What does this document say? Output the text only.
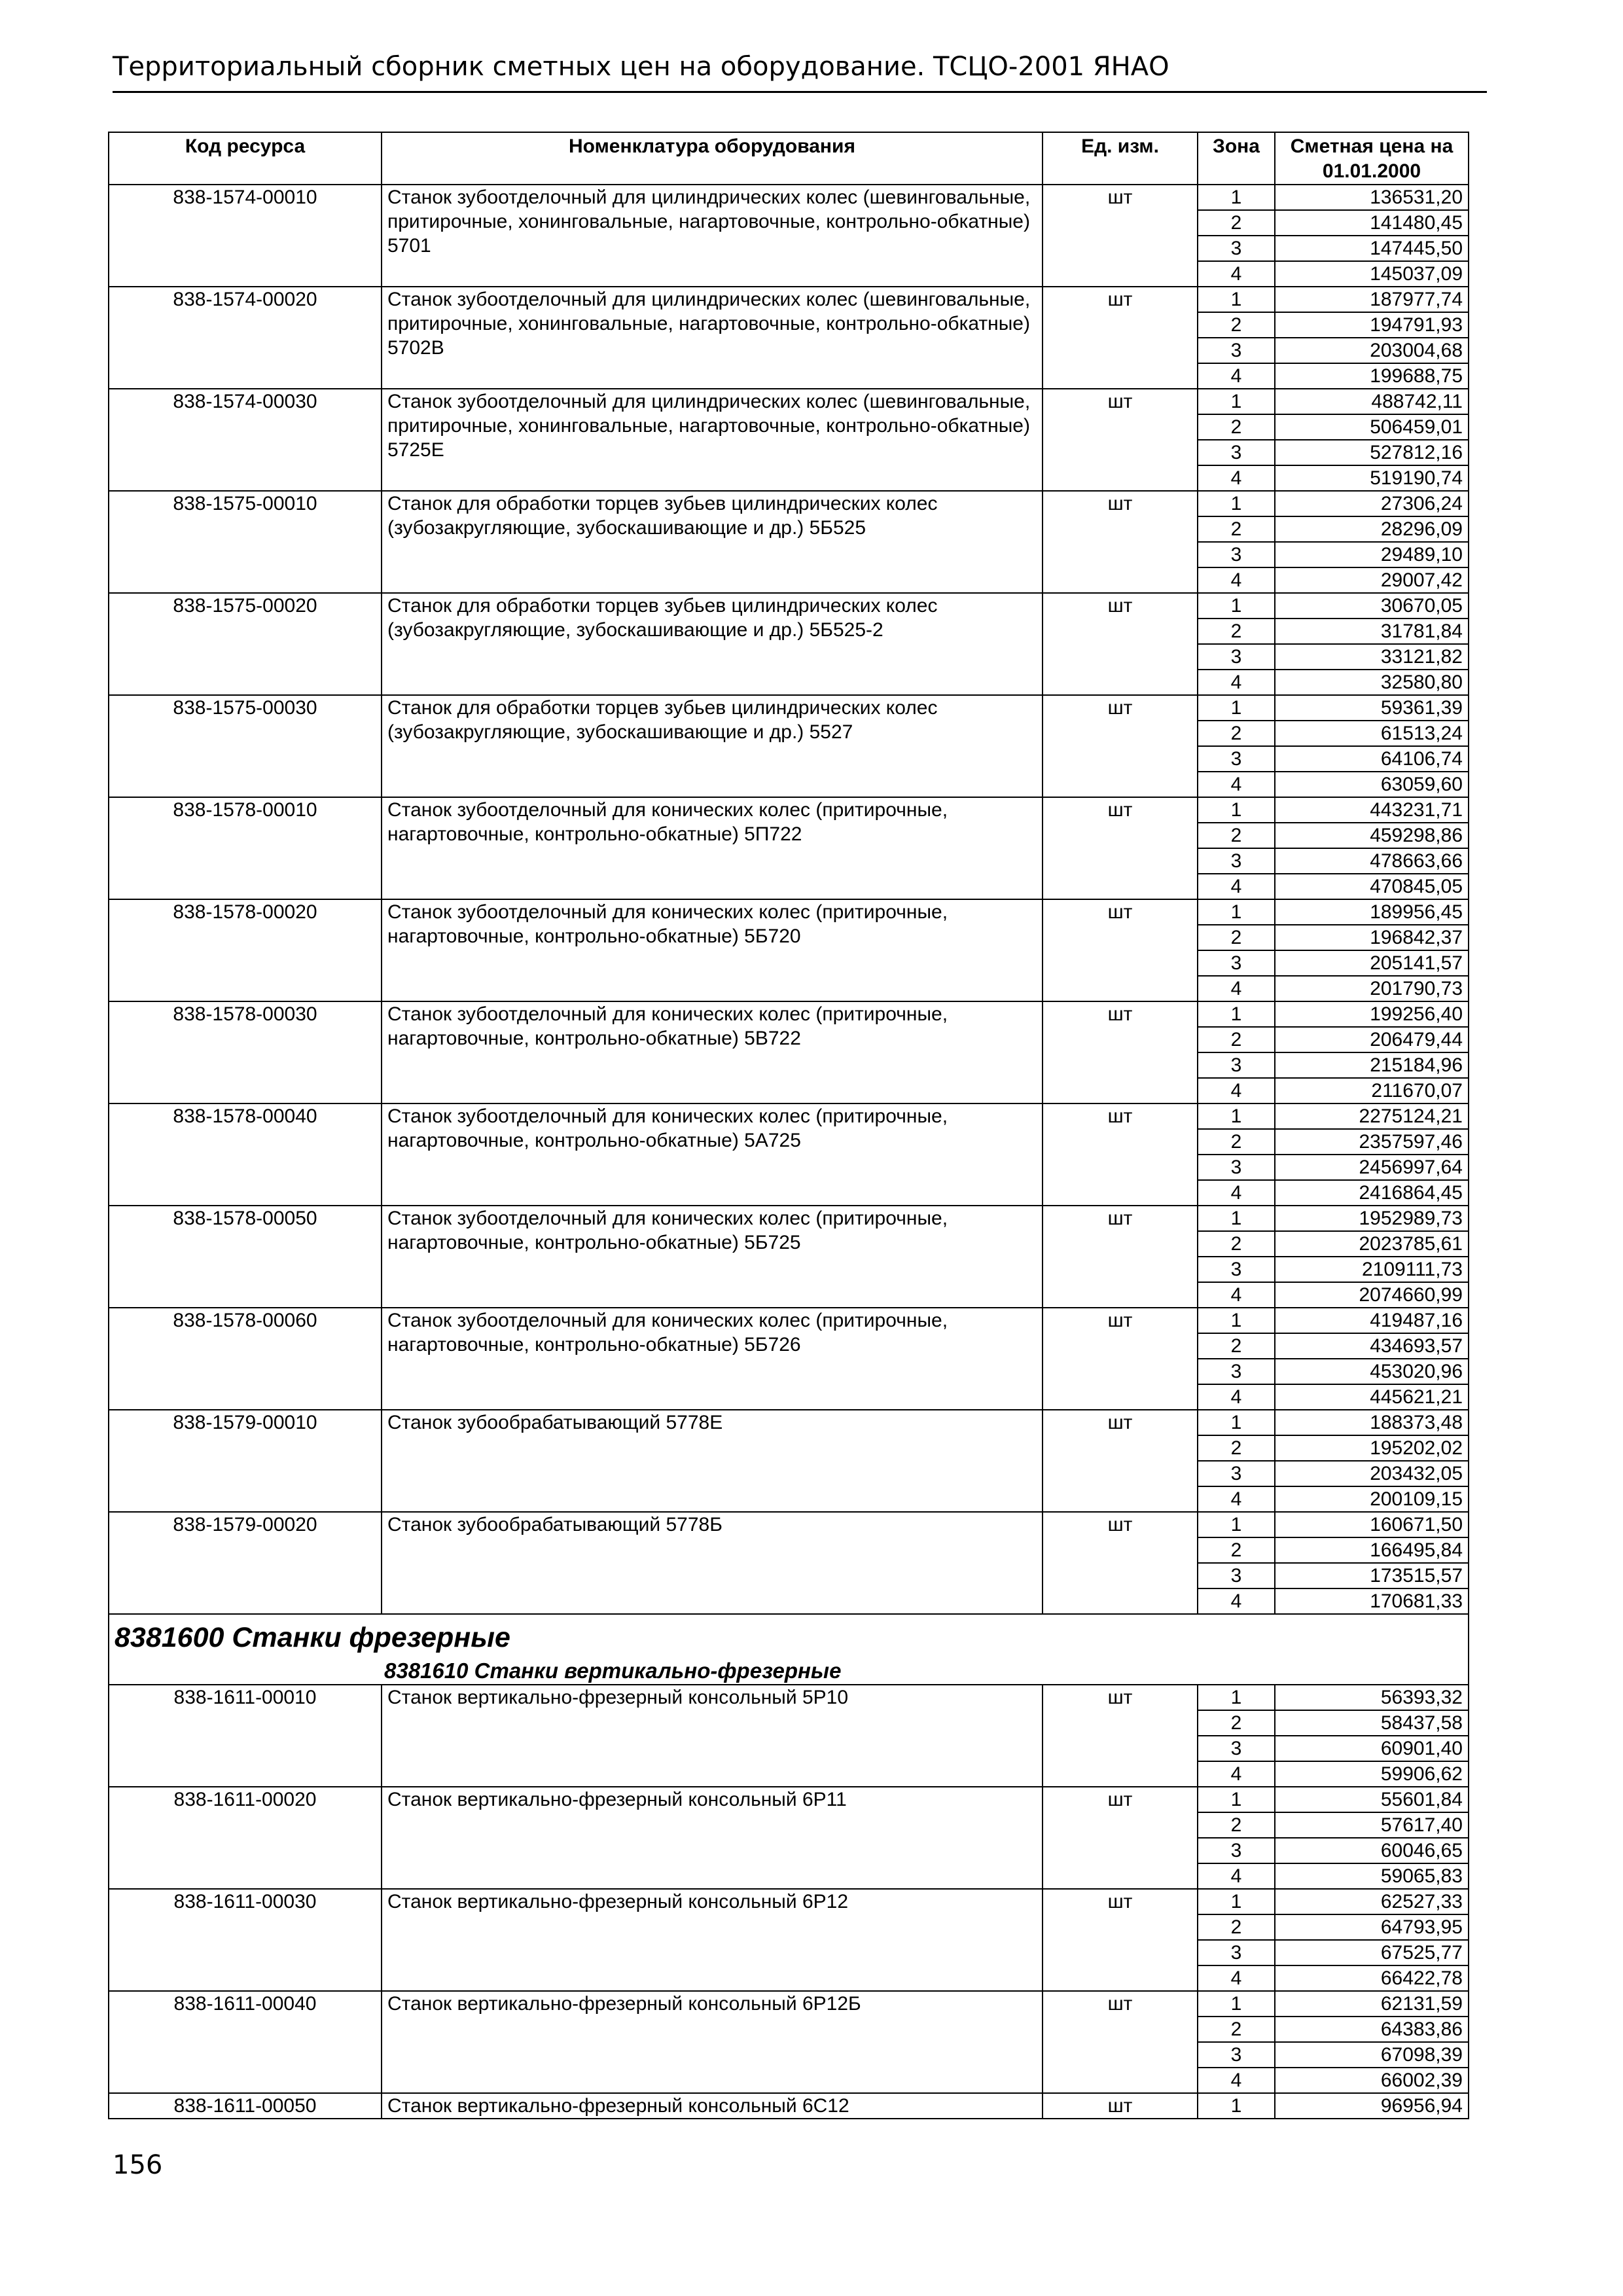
Территориальный сборник сметных цен на оборудование. ТСЦО-2001 ЯНАО
Код ресурса	Номенклатура оборудования	Ед. изм.	Зона	Сметная цена на 01.01.2000
838-1574-00010	Станок зубоотделочный для цилиндрических колес (шевинговальные, притирочные, хонинговальные, нагартовочные, контрольно-обкатные) 5701	шт	1	136531,20
			2	141480,45
			3	147445,50
			4	145037,09
838-1574-00020	Станок зубоотделочный для цилиндрических колес (шевинговальные, притирочные, хонинговальные, нагартовочные, контрольно-обкатные) 5702В	шт	1	187977,74
			2	194791,93
			3	203004,68
			4	199688,75
838-1574-00030	Станок зубоотделочный для цилиндрических колес (шевинговальные, притирочные, хонинговальные, нагартовочные, контрольно-обкатные) 5725Е	шт	1	488742,11
			2	506459,01
			3	527812,16
			4	519190,74
838-1575-00010	Станок для обработки торцев зубьев цилиндрических колес (зубозакругляющие, зубоскашивающие и др.) 5Б525	шт	1	27306,24
			2	28296,09
			3	29489,10
			4	29007,42
838-1575-00020	Станок для обработки торцев зубьев цилиндрических колес (зубозакругляющие, зубоскашивающие и др.) 5Б525-2	шт	1	30670,05
			2	31781,84
			3	33121,82
			4	32580,80
838-1575-00030	Станок для обработки торцев зубьев цилиндрических колес (зубозакругляющие, зубоскашивающие и др.) 5527	шт	1	59361,39
			2	61513,24
			3	64106,74
			4	63059,60
838-1578-00010	Станок зубоотделочный для конических колес (притирочные, нагартовочные, контрольно-обкатные) 5П722	шт	1	443231,71
			2	459298,86
			3	478663,66
			4	470845,05
838-1578-00020	Станок зубоотделочный для конических колес (притирочные, нагартовочные, контрольно-обкатные) 5Б720	шт	1	189956,45
			2	196842,37
			3	205141,57
			4	201790,73
838-1578-00030	Станок зубоотделочный для конических колес (притирочные, нагартовочные, контрольно-обкатные) 5В722	шт	1	199256,40
			2	206479,44
			3	215184,96
			4	211670,07
838-1578-00040	Станок зубоотделочный для конических колес (притирочные, нагартовочные, контрольно-обкатные) 5А725	шт	1	2275124,21
			2	2357597,46
			3	2456997,64
			4	2416864,45
838-1578-00050	Станок зубоотделочный для конических колес (притирочные, нагартовочные, контрольно-обкатные) 5Б725	шт	1	1952989,73
			2	2023785,61
			3	2109111,73
			4	2074660,99
838-1578-00060	Станок зубоотделочный для конических колес (притирочные, нагартовочные, контрольно-обкатные) 5Б726	шт	1	419487,16
			2	434693,57
			3	453020,96
			4	445621,21
838-1579-00010	Станок зубообрабатывающий 5778Е	шт	1	188373,48
			2	195202,02
			3	203432,05
			4	200109,15
838-1579-00020	Станок зубообрабатывающий 5778Б	шт	1	160671,50
			2	166495,84
			3	173515,57
			4	170681,33

8381600 Станки фрезерные				

8381610 Станки вертикально-фрезерные				

838-1611-00010	Станок вертикально-фрезерный консольный 5Р10	шт	1	56393,32
			2	58437,58
			3	60901,40
			4	59906,62
838-1611-00020	Станок вертикально-фрезерный консольный 6Р11	шт	1	55601,84
			2	57617,40
			3	60046,65
			4	59065,83
838-1611-00030	Станок вертикально-фрезерный консольный 6Р12	шт	1	62527,33
			2	64793,95
			3	67525,77
			4	66422,78
838-1611-00040	Станок вертикально-фрезерный консольный 6Р12Б	шт	1	62131,59
			2	64383,86
			3	67098,39
			4	66002,39
838-1611-00050	Станок вертикально-фрезерный консольный 6С12	шт	1	96956,94
156
